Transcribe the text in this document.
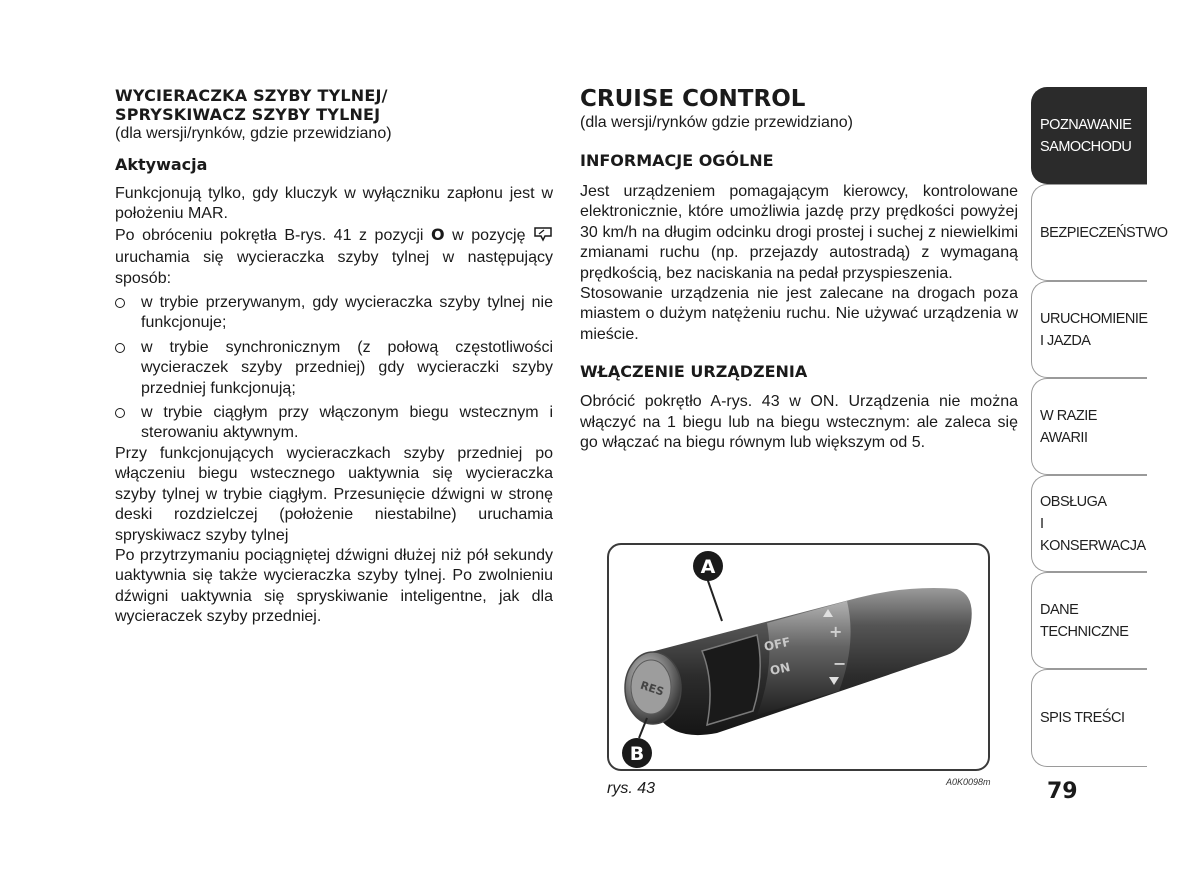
WYCIERACZKA SZYBY TYLNEJ/
SPRYSKIWACZ SZYBY TYLNEJ

(dla wersji/rynków, gdzie przewidziano)

Aktywacja

Funkcjonują tylko, gdy kluczyk w wyłączniku zapłonu jest w położeniu MAR.

Po obróceniu pokrętła B-rys. 41 z pozycji O w pozycję  uruchamia się wycieraczka szyby tylnej w następujący sposób:

w trybie przerywanym, gdy wycieraczka szyby tylnej nie funkcjonuje;
w trybie synchronicznym (z połową częstotliwości wycieraczek szyby przedniej) gdy wycieraczki szyby przedniej funkcjonują;
w trybie ciągłym przy włączonym biegu wstecznym i sterowaniu aktywnym.

Przy funkcjonujących wycieraczkach szyby przedniej po włączeniu biegu wstecznego uaktywnia się wycieraczka szyby tylnej w trybie ciągłym. Przesunięcie dźwigni w stronę deski rozdzielczej (położenie niestabilne) uruchamia spryskiwacz szyby tylnej

Po przytrzymaniu pociągniętej dźwigni dłużej niż pół sekundy uaktywnia się także wycieraczka szyby tylnej. Po zwolnieniu dźwigni uaktywnia się spryskiwanie inteligentne, jak dla wycieraczek szyby przedniej.

CRUISE CONTROL

(dla wersji/rynków gdzie przewidziano)

INFORMACJE OGÓLNE

Jest urządzeniem pomagającym kierowcy, kontrolowane elektronicznie, które umożliwia jazdę przy prędkości powyżej 30 km/h na długim odcinku drogi prostej i suchej z niewielkimi zmianami ruchu (np. przejazdy autostradą) z wymaganą prędkością, bez naciskania na pedał przyspieszenia.

Stosowanie urządzenia nie jest zalecane na drogach poza miastem o dużym natężeniu ruchu. Nie używać urządzenia w mieście.

WŁĄCZENIE URZĄDZENIA

Obrócić pokrętło A-rys. 43 w ON. Urządzenia nie można włączyć na 1 biegu lub na biegu wstecznym: ale zaleca się go włączać na biegu równym lub większym od 5.

RES
OFF
ON
+
−
A
B
rys. 43	A0K0098m
POZNAWANIE
SAMOCHODU
BEZPIECZEŃSTWO
URUCHOMIENIE
I JAZDA
W RAZIE AWARII
OBSŁUGA
I KONSERWACJA
DANE
TECHNICZNE
SPIS TREŚCI
79
